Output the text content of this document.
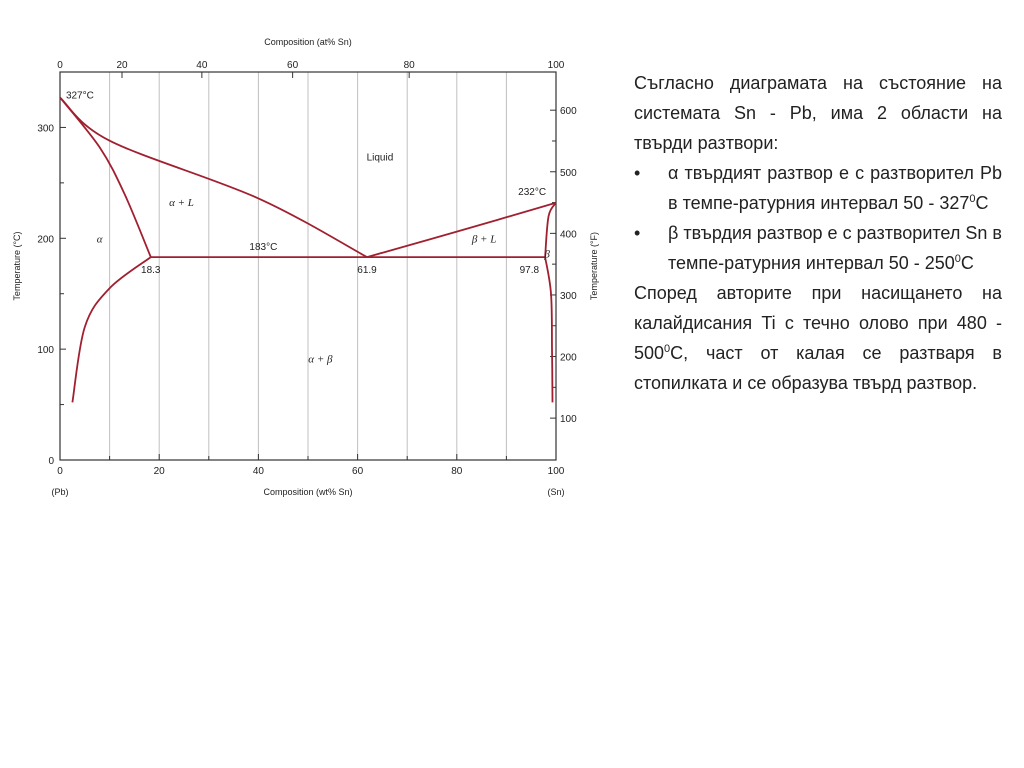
0	20	40	60	80	100
0	20	40	60	80	100
0
100
200
300
100
200
300
400
500
600
327°C
232°C
183°C
Liquid
α + L
β + L
α
β
α + β
18.3	61.9	97.8
Composition (at% Sn)
Composition (wt% Sn)
(Pb)	(Sn)
Temperature (°C)	Temperature (°F)

Съгласно диаграмата на състояние на системата Sn - Pb, има 2 области на твърди разтвори:

• α твърдият разтвор е с разтворител Pb в темпе-ратурния интервал $50 - 327^0C$
• β твърдия разтвор е с разтворител Sn в темпе-ратурния интервал $50 - 250^0C$

Според авторите при насищането на калайдисания Ti с течно олово при $480 - 500^0C$, част от калая се разтваря в стопилката и се образува твърд разтвор.
